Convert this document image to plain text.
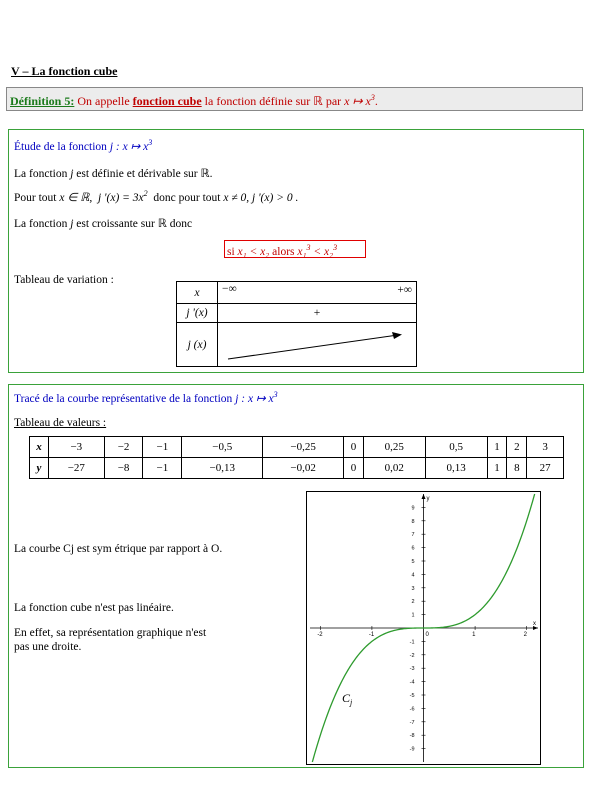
V – La fonction cube
Définition 5: On appelle fonction cube la fonction définie sur ℝ par x ↦ $x^3$.
Étude de la fonction j : x ↦ $x^3$
La fonction j est définie et dérivable sur ℝ.
Pour tout x ∈ ℝ, j '$(x) = 3x^2$ donc pour tout x ≠ 0, j '(x) > 0 .
La fonction j est croissante sur ℝ donc
Tableau de variation :
si x₁ < x₂ alors x₁$^3$ < x₂$^3$
x	−∞ +∞

j '(x)	+
j (x)	
Tracé de la courbe représentative de la fonction j : x ↦ $x^3$
Tableau de valeurs :
La courbe Cj est sym étrique par rapport à O.
La fonction cube n'est pas linéaire.
En effet, sa représentation graphique n'est
pas une droite.
x	−3	−2	−1	−0,5	−0,25	0	0,25	0,5	1	2	3
y	−27	−8	−1	−0,13	−0,02	0	0,02	0,13	1	8	27
x
y
-2	-1	0	1	2
9
8
7
6
5
4
3
2
1
-1
-2
-3
-4
-5
-6
-7
-8
-9
$C_j$
